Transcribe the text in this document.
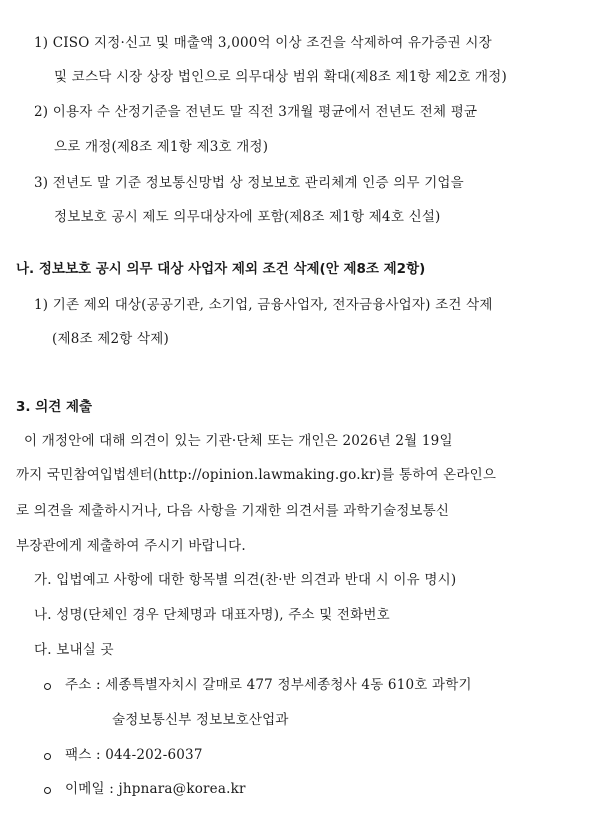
1) CISO 지정·신고 및 매출액 3,000억 이상 조건을 삭제하여 유가증권 시장
및 코스닥 시장 상장 법인으로 의무대상 범위 확대(제8조 제1항 제2호 개정)
2) 이용자 수 산정기준을 전년도 말 직전 3개월 평균에서 전년도 전체 평균
으로 개정(제8조 제1항 제3호 개정)
3) 전년도 말 기준 정보통신망법 상 정보보호 관리체계 인증 의무 기업을
정보보호 공시 제도 의무대상자에 포함(제8조 제1항 제4호 신설)
나. 정보보호 공시 의무 대상 사업자 제외 조건 삭제(안 제8조 제2항)
1) 기존 제외 대상(공공기관, 소기업, 금융사업자, 전자금융사업자) 조건 삭제
(제8조 제2항 삭제)
3. 의견 제출
이 개정안에 대해 의견이 있는 기관·단체 또는 개인은 2026년 2월 19일
까지 국민참여입법센터(http://opinion.lawmaking.go.kr)를 통하여 온라인으
로 의견을 제출하시거나, 다음 사항을 기재한 의견서를 과학기술정보통신
부장관에게 제출하여 주시기 바랍니다.
가. 입법예고 사항에 대한 항목별 의견(찬·반 의견과 반대 시 이유 명시)
나. 성명(단체인 경우 단체명과 대표자명), 주소 및 전화번호
다. 보내실 곳
주소 : 세종특별자치시 갈매로 477 정부세종청사 4동 610호 과학기
술정보통신부 정보보호산업과
팩스 : 044-202-6037
이메일 : jhpnara@korea.kr
